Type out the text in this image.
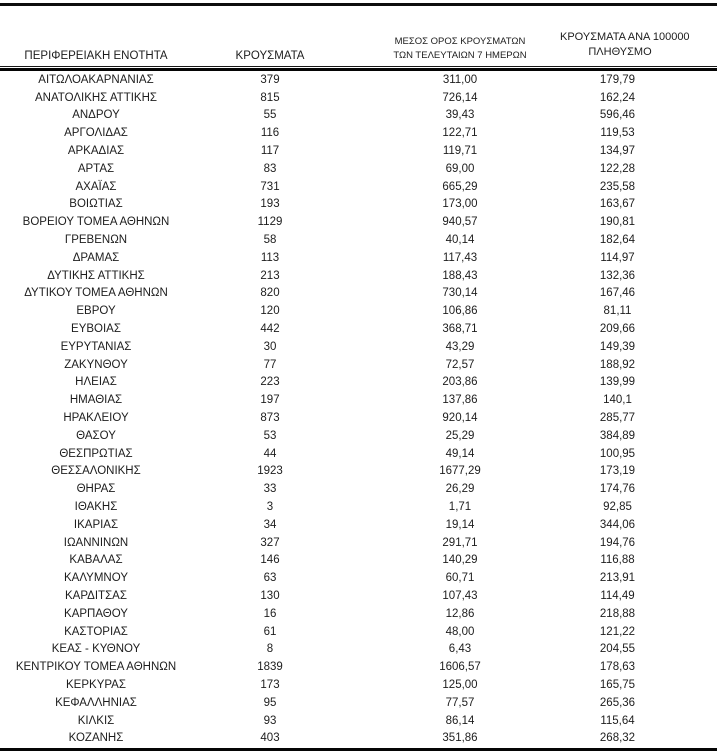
ΠΕΡΙΦΕΡΕΙΑΚΗ ΕΝΟΤΗΤΑ	ΚΡΟΥΣΜΑΤΑ
ΜΕΣΟΣ ΟΡΟΣ ΚΡΟΥΣΜΑΤΩΝ
ΤΩΝ ΤΕΛΕΥΤΑΙΩΝ 7 ΗΜΕΡΩΝ
ΚΡΟΥΣΜΑΤΑ ΑΝΑ 100000
ΠΛΗΘΥΣΜΟ
ΑΙΤΩΛΟΑΚΑΡΝΑΝΙΑΣ	379	311,00	179,79
ΑΝΑΤΟΛΙΚΗΣ ΑΤΤΙΚΗΣ	815	726,14	162,24
ΑΝΔΡΟΥ	55	39,43	596,46
ΑΡΓΟΛΙΔΑΣ	116	122,71	119,53
ΑΡΚΑΔΙΑΣ	117	119,71	134,97
ΑΡΤΑΣ	83	69,00	122,28
ΑΧΑΪΑΣ	731	665,29	235,58
ΒΟΙΩΤΙΑΣ	193	173,00	163,67
ΒΟΡΕΙΟΥ ΤΟΜΕΑ ΑΘΗΝΩΝ	1129	940,57	190,81
ΓΡΕΒΕΝΩΝ	58	40,14	182,64
ΔΡΑΜΑΣ	113	117,43	114,97
ΔΥΤΙΚΗΣ ΑΤΤΙΚΗΣ	213	188,43	132,36
ΔΥΤΙΚΟΥ ΤΟΜΕΑ ΑΘΗΝΩΝ	820	730,14	167,46
ΕΒΡΟΥ	120	106,86	81,11
ΕΥΒΟΙΑΣ	442	368,71	209,66
ΕΥΡΥΤΑΝΙΑΣ	30	43,29	149,39
ΖΑΚΥΝΘΟΥ	77	72,57	188,92
ΗΛΕΙΑΣ	223	203,86	139,99
ΗΜΑΘΙΑΣ	197	137,86	140,1
ΗΡΑΚΛΕΙΟΥ	873	920,14	285,77
ΘΑΣΟΥ	53	25,29	384,89
ΘΕΣΠΡΩΤΙΑΣ	44	49,14	100,95
ΘΕΣΣΑΛΟΝΙΚΗΣ	1923	1677,29	173,19
ΘΗΡΑΣ	33	26,29	174,76
ΙΘΑΚΗΣ	3	1,71	92,85
ΙΚΑΡΙΑΣ	34	19,14	344,06
ΙΩΑΝΝΙΝΩΝ	327	291,71	194,76
ΚΑΒΑΛΑΣ	146	140,29	116,88
ΚΑΛΥΜΝΟΥ	63	60,71	213,91
ΚΑΡΔΙΤΣΑΣ	130	107,43	114,49
ΚΑΡΠΑΘΟΥ	16	12,86	218,88
ΚΑΣΤΟΡΙΑΣ	61	48,00	121,22
ΚΕΑΣ - ΚΥΘΝΟΥ	8	6,43	204,55
ΚΕΝΤΡΙΚΟΥ ΤΟΜΕΑ ΑΘΗΝΩΝ	1839	1606,57	178,63
ΚΕΡΚΥΡΑΣ	173	125,00	165,75
ΚΕΦΑΛΛΗΝΙΑΣ	95	77,57	265,36
ΚΙΛΚΙΣ	93	86,14	115,64
ΚΟΖΑΝΗΣ	403	351,86	268,32
